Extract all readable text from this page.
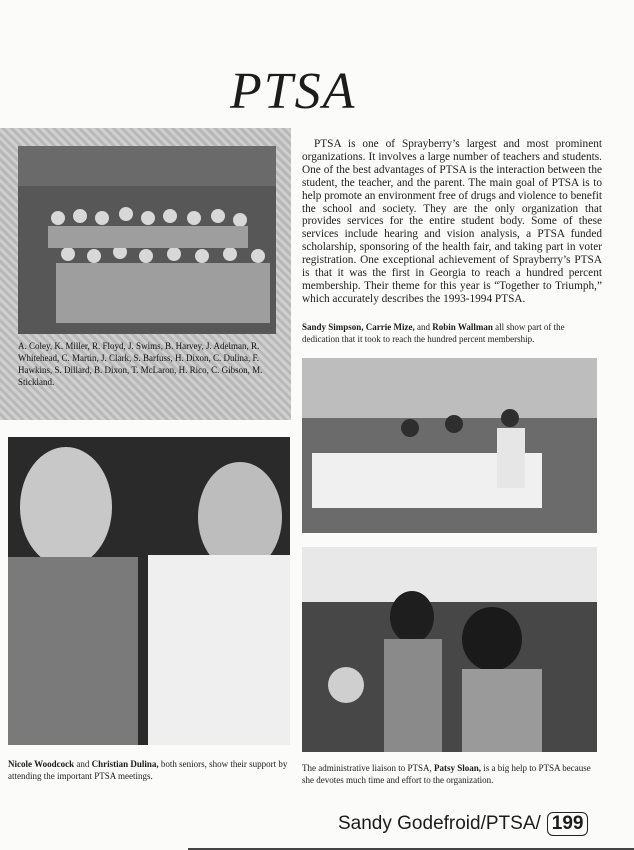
PTSA
A. Coley, K. Miller, R. Floyd, J. Swims, B. Harvey, J. Adelman, R. Whitehead, C. Martin, J. Clark, S. Barfuss, H. Dixon, C. Dulina, F. Hawkins, S. Dillard, B. Dixon, T. McLaron, H. Rico, C. Gibson, M. Stickland.

PTSA is one of Sprayberry’s largest and most prominent organizations. It involves a large number of teachers and students. One of the best advantages of PTSA is the interaction between the student, the teacher, and the parent. The main goal of PTSA is to help promote an environment free of drugs and violence to benefit the school and society. They are the only organization that provides services for the entire student body. Some of these services include hearing and vision analysis, a PTSA funded scholarship, sponsoring of the health fair, and taking part in voter registration. One exceptional achievement of Sprayberry’s PTSA is that it was the first in Georgia to reach a hundred percent membership. Their theme for this year is “Together to Triumph,” which accurately describes the 1993-1994 PTSA.

Sandy Simpson, Carrie Mize, and Robin Wallman all show part of the dedication that it took to reach the hundred percent membership.
Nicole Woodcock and Christian Dulina, both seniors, show their support by attending the important PTSA meetings.
The administrative liaison to PTSA, Patsy Sloan, is a big help to PTSA because she devotes much time and effort to the organization.
Sandy Godefroid/PTSA/ 199
